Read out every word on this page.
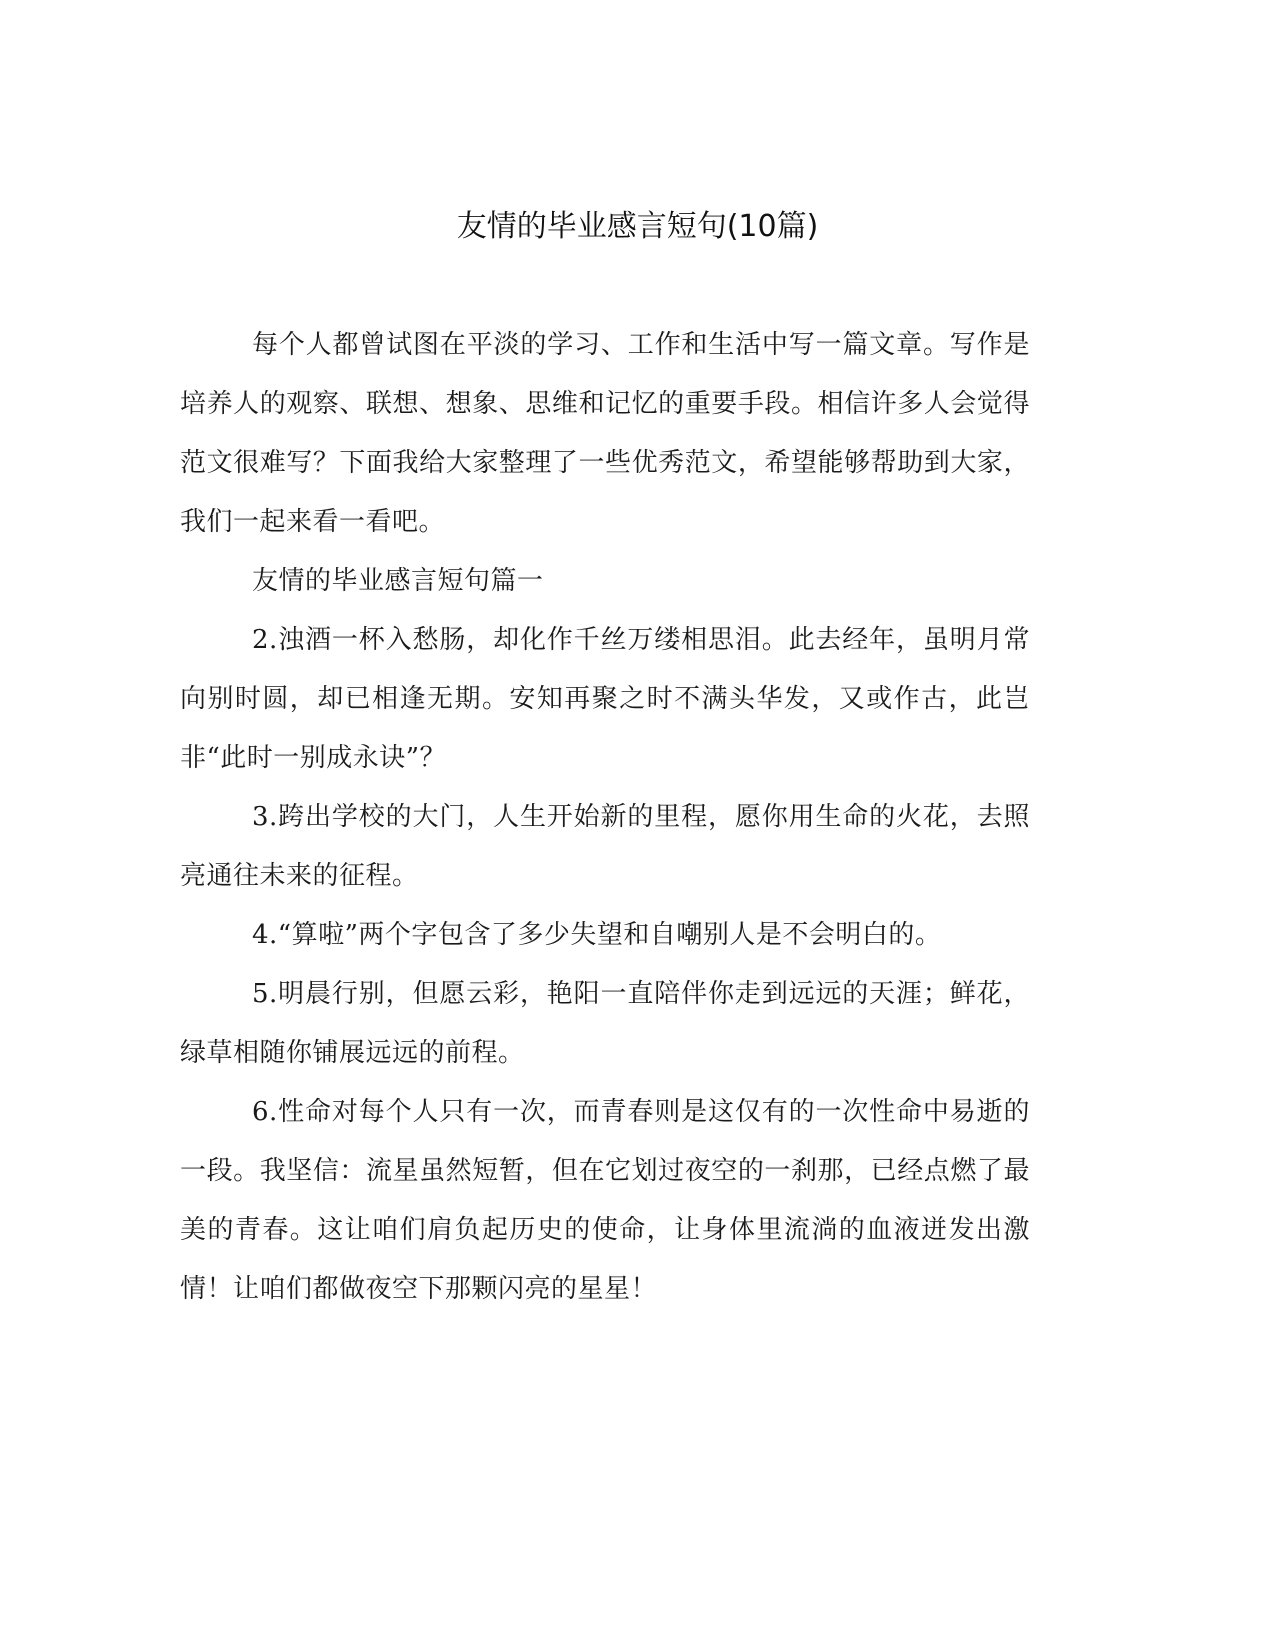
友情的毕业感言短句(10篇)

每个人都曾试图在平淡的学习、工作和生活中写一篇文章。写作是培养人的观察、联想、想象、思维和记忆的重要手段。相信许多人会觉得范文很难写？下面我给大家整理了一些优秀范文，希望能够帮助到大家，我们一起来看一看吧。

友情的毕业感言短句篇一

2.浊酒一杯入愁肠，却化作千丝万缕相思泪。此去经年，虽明月常向别时圆，却已相逢无期。安知再聚之时不满头华发，又或作古，此岂非“此时一别成永诀”？

3.跨出学校的大门，人生开始新的里程，愿你用生命的火花，去照亮通往未来的征程。

4.“算啦”两个字包含了多少失望和自嘲别人是不会明白的。

5.明晨行别，但愿云彩，艳阳一直陪伴你走到远远的天涯；鲜花，绿草相随你铺展远远的前程。

6.性命对每个人只有一次，而青春则是这仅有的一次性命中易逝的一段。我坚信：流星虽然短暂，但在它划过夜空的一刹那，已经点燃了最美的青春。这让咱们肩负起历史的使命，让身体里流淌的血液迸发出激情！让咱们都做夜空下那颗闪亮的星星！
